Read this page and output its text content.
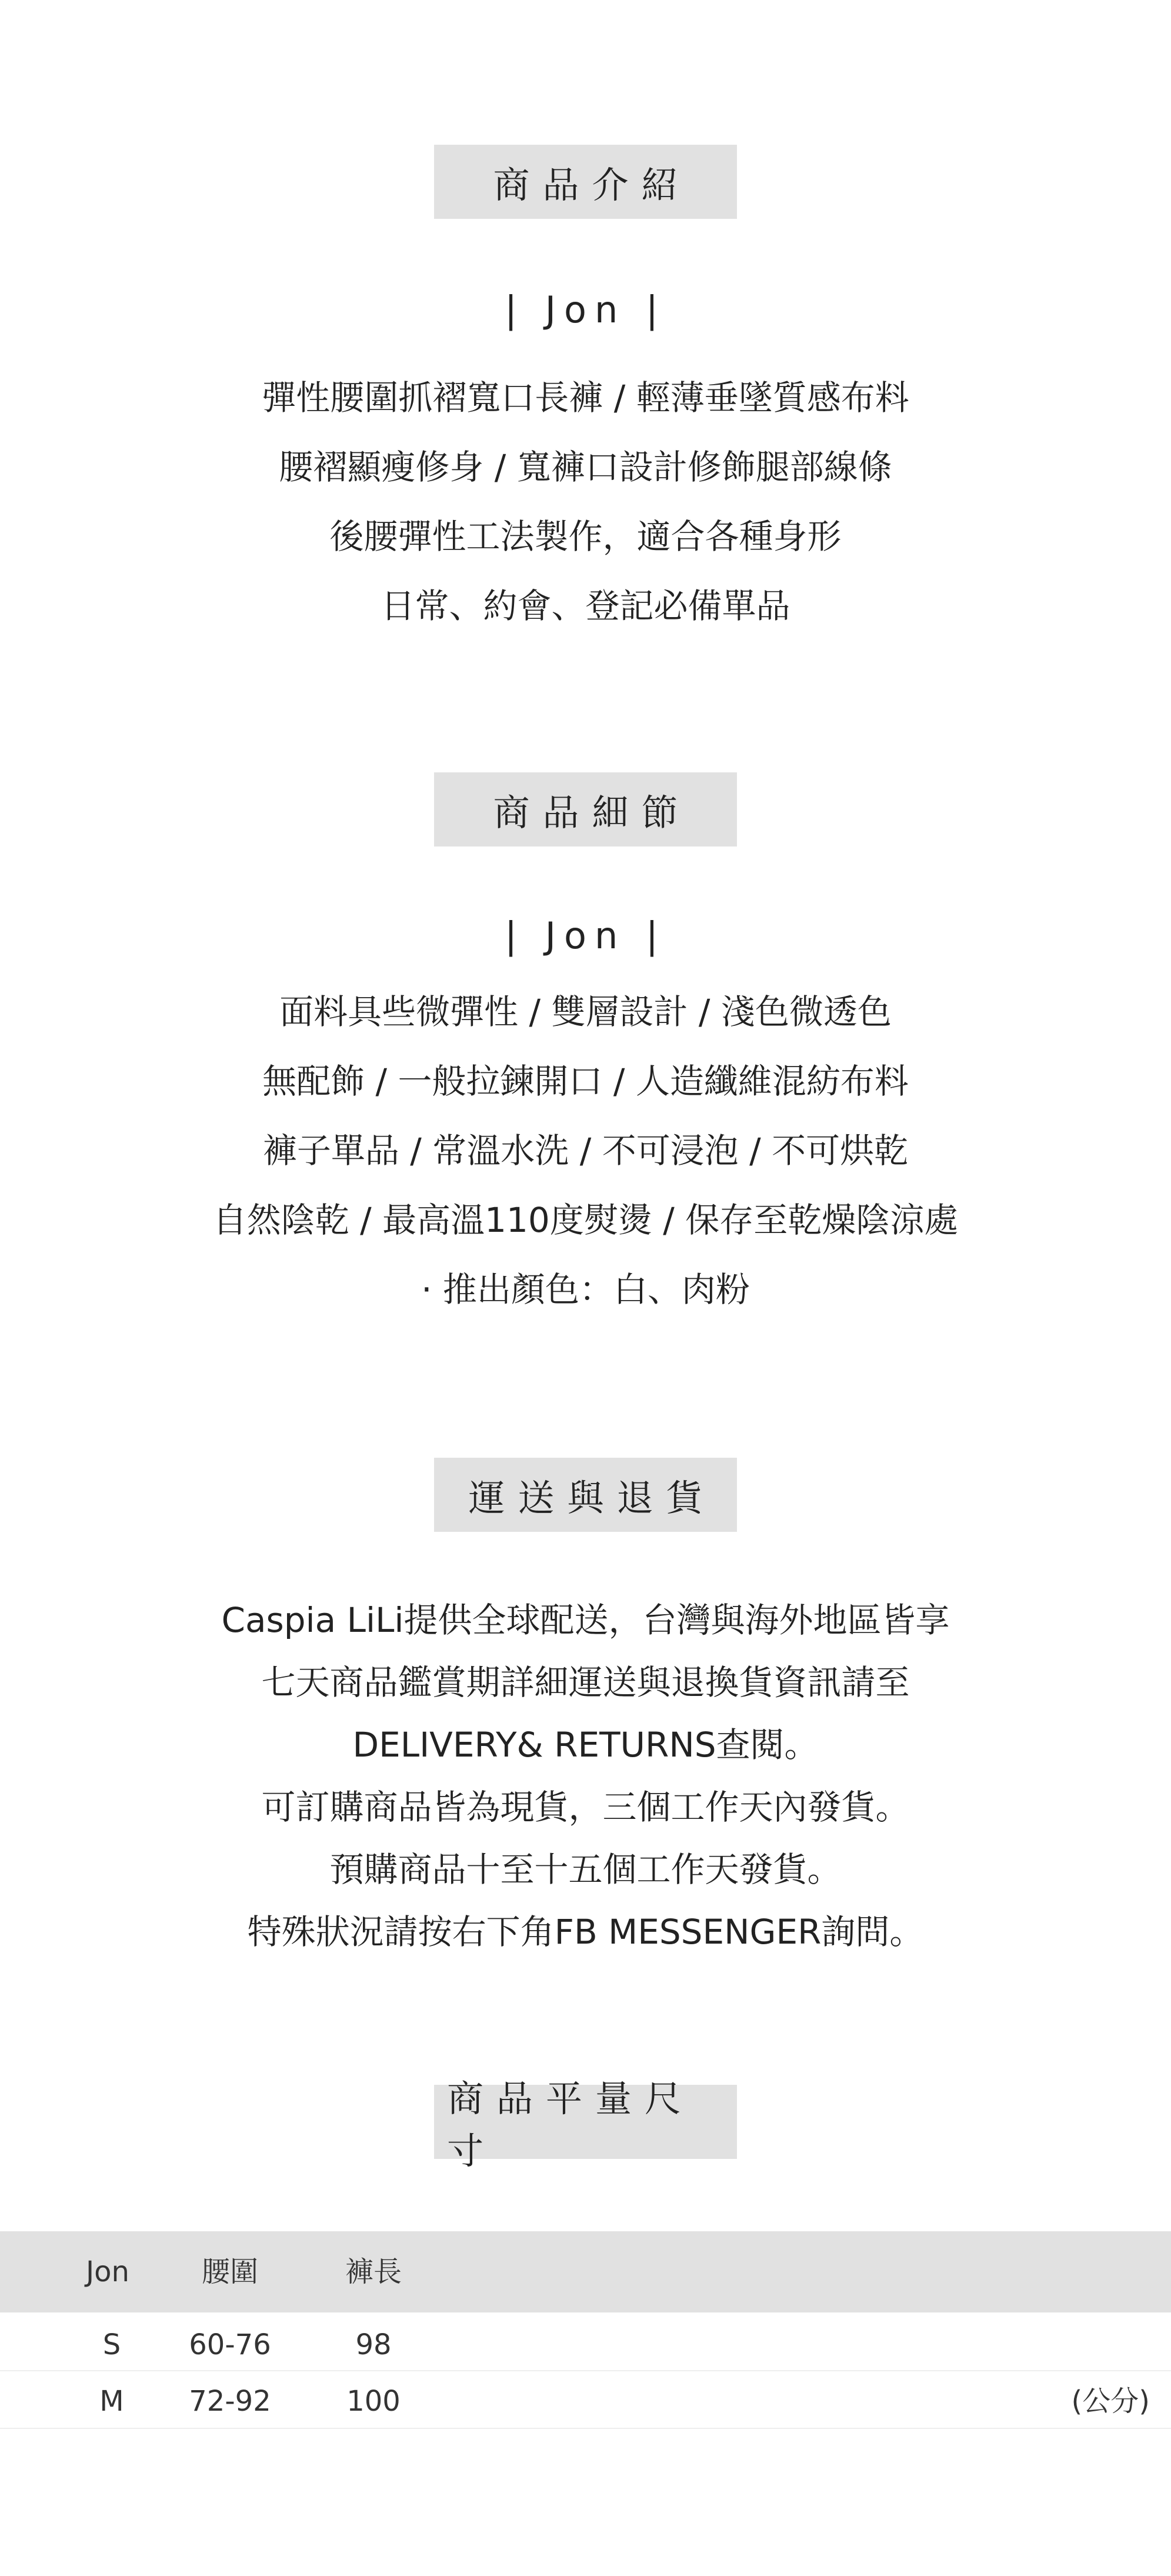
商品介紹
| Jon |
彈性腰圍抓褶寬口長褲 / 輕薄垂墜質感布料
腰褶顯瘦修身 / 寬褲口設計修飾腿部線條
後腰彈性工法製作，適合各種身形
日常、約會、登記必備單品
商品細節
| Jon |
面料具些微彈性 / 雙層設計 / 淺色微透色
無配飾 / 一般拉鍊開口 / 人造纖維混紡布料
褲子單品 / 常溫水洗 / 不可浸泡 / 不可烘乾
自然陰乾 / 最高溫110度熨燙 / 保存至乾燥陰涼處
· 推出顏色：白、肉粉
運送與退貨
Caspia LiLi提供全球配送，台灣與海外地區皆享
七天商品鑑賞期詳細運送與退換貨資訊請至
DELIVERY& RETURNS查閱。
可訂購商品皆為現貨，三個工作天內發貨。
預購商品十至十五個工作天發貨。
特殊狀況請按右下角FB MESSENGER詢問。
商品平量尺寸
Jon	腰圍	褲長
S	60-76	98
M	72-92	100	(公分)
